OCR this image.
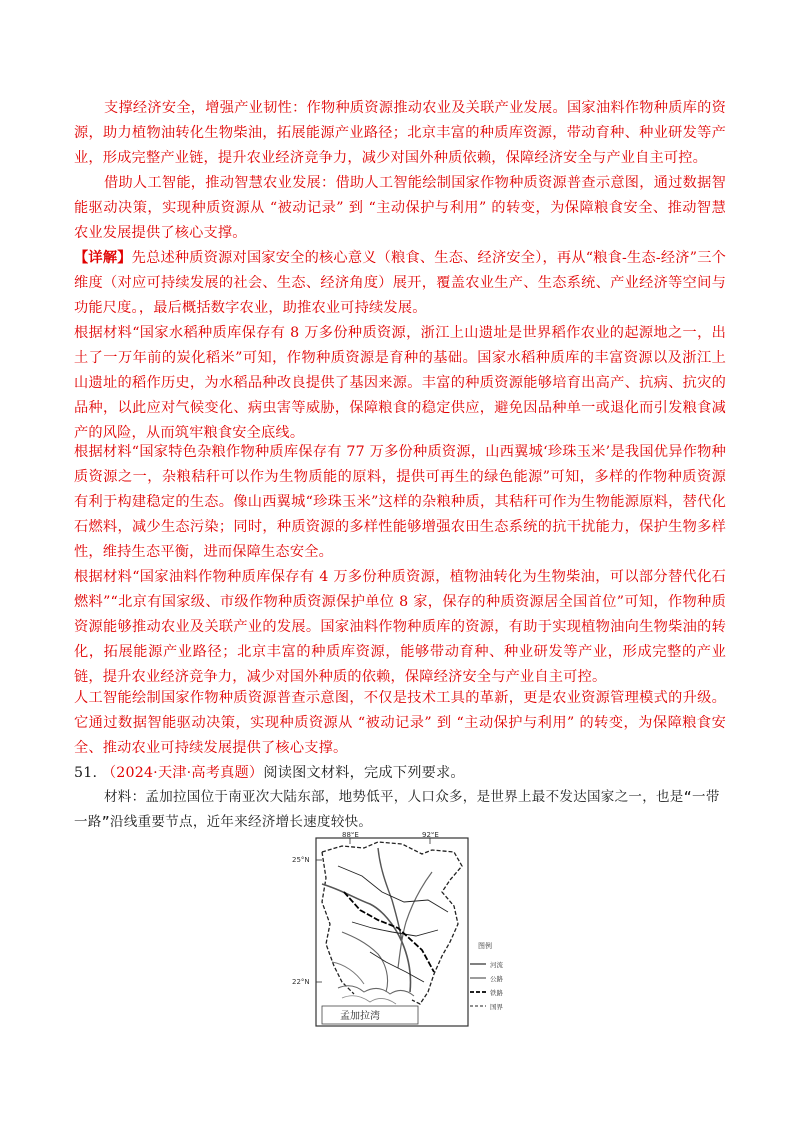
支撑经济安全，增强产业韧性：作物种质资源推动农业及关联产业发展。国家油料作物种质库的资源，助力植物油转化生物柴油，拓展能源产业路径；北京丰富的种质库资源，带动育种、种业研发等产业，形成完整产业链，提升农业经济竞争力，减少对国外种质依赖，保障经济安全与产业自主可控。

借助人工智能，推动智慧农业发展：借助人工智能绘制国家作物种质资源普查示意图，通过数据智能驱动决策，实现种质资源从 “被动记录” 到 “主动保护与利用” 的转变，为保障粮食安全、推动智慧农业发展提供了核心支撑。

【详解】先总述种质资源对国家安全的核心意义（粮食、生态、经济安全），再从“粮食-生态-经济”三个维度（对应可持续发展的社会、生态、经济角度）展开，覆盖农业生产、生态系统、产业经济等空间与功能尺度。，最后概括数字农业，助推农业可持续发展。

根据材料“国家水稻种质库保存有 8 万多份种质资源，浙江上山遗址是世界稻作农业的起源地之一，出土了一万年前的炭化稻米”可知，作物种质资源是育种的基础。国家水稻种质库的丰富资源以及浙江上山遗址的稻作历史，为水稻品种改良提供了基因来源。丰富的种质资源能够培育出高产、抗病、抗灾的品种，以此应对气候变化、病虫害等威胁，保障粮食的稳定供应，避免因品种单一或退化而引发粮食减产的风险，从而筑牢粮食安全底线。

根据材料“国家特色杂粮作物种质库保存有 77 万多份种质资源，山西翼城‘珍珠玉米’是我国优异作物种质资源之一，杂粮秸秆可以作为生物质能的原料，提供可再生的绿色能源”可知，多样的作物种质资源有利于构建稳定的生态。像山西翼城“珍珠玉米”这样的杂粮种质，其秸秆可作为生物能源原料，替代化石燃料，减少生态污染；同时，种质资源的多样性能够增强农田生态系统的抗干扰能力，保护生物多样性，维持生态平衡，进而保障生态安全。

根据材料“国家油料作物种质库保存有 4 万多份种质资源，植物油转化为生物柴油，可以部分替代化石燃料”“北京有国家级、市级作物种质资源保护单位 8 家，保存的种质资源居全国首位”可知，作物种质资源能够推动农业及关联产业的发展。国家油料作物种质库的资源，有助于实现植物油向生物柴油的转化，拓展能源产业路径；北京丰富的种质库资源，能够带动育种、种业研发等产业，形成完整的产业链，提升农业经济竞争力，减少对国外种质的依赖，保障经济安全与产业自主可控。

人工智能绘制国家作物种质资源普查示意图，不仅是技术工具的革新，更是农业资源管理模式的升级。它通过数据智能驱动决策，实现种质资源从 “被动记录” 到 “主动保护与利用” 的转变，为保障粮食安全、推动农业可持续发展提供了核心支撑。

51. （2024·天津·高考真题）阅读图文材料，完成下列要求。

材料：孟加拉国位于南亚次大陆东部，地势低平，人口众多，是世界上最不发达国家之一，也是“一带一路”沿线重要节点，近年来经济增长速度较快。

88°E	92°E
25°N
22°N
孟加拉湾
图例
河流
公路
铁路
国界
